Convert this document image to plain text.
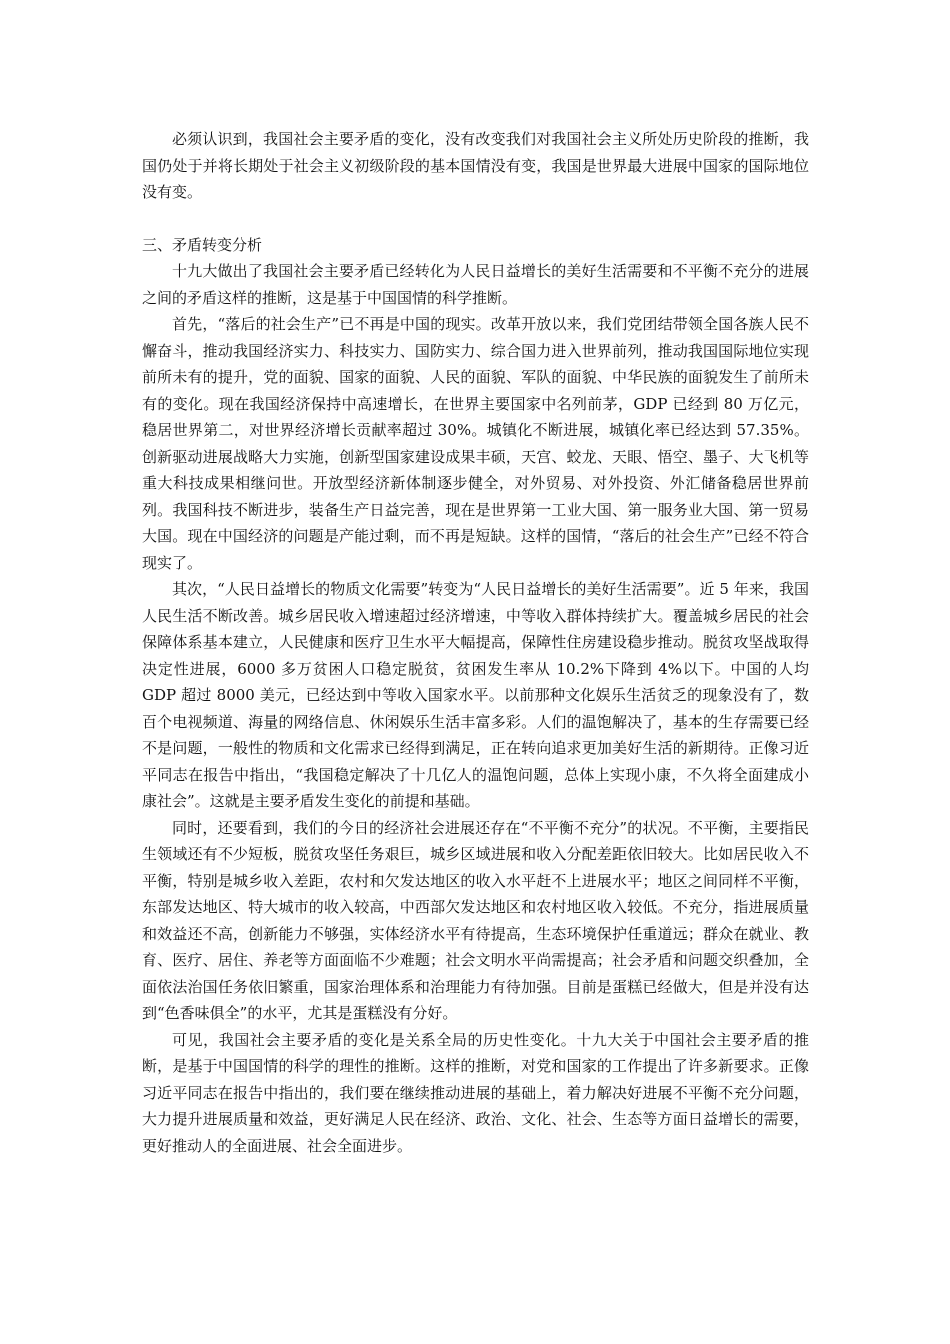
必须认识到，我国社会主要矛盾的变化，没有改变我们对我国社会主义所处历史阶段的推断，我国仍处于并将长期处于社会主义初级阶段的基本国情没有变，我国是世界最大进展中国家的国际地位没有变。

三、矛盾转变分析

十九大做出了我国社会主要矛盾已经转化为人民日益增长的美好生活需要和不平衡不充分的进展之间的矛盾这样的推断，这是基于中国国情的科学推断。

首先，“落后的社会生产”已不再是中国的现实。改革开放以来，我们党团结带领全国各族人民不懈奋斗，推动我国经济实力、科技实力、国防实力、综合国力进入世界前列，推动我国国际地位实现前所未有的提升，党的面貌、国家的面貌、人民的面貌、军队的面貌、中华民族的面貌发生了前所未有的变化。现在我国经济保持中高速增长，在世界主要国家中名列前茅，GDP 已经到 80 万亿元，稳居世界第二，对世界经济增长贡献率超过 30%。城镇化不断进展，城镇化率已经达到 57.35%。创新驱动进展战略大力实施，创新型国家建设成果丰硕，天宫、蛟龙、天眼、悟空、墨子、大飞机等重大科技成果相继问世。开放型经济新体制逐步健全，对外贸易、对外投资、外汇储备稳居世界前列。我国科技不断进步，装备生产日益完善，现在是世界第一工业大国、第一服务业大国、第一贸易大国。现在中国经济的问题是产能过剩，而不再是短缺。这样的国情，“落后的社会生产”已经不符合现实了。

其次，“人民日益增长的物质文化需要”转变为“人民日益增长的美好生活需要”。近 5 年来，我国人民生活不断改善。城乡居民收入增速超过经济增速，中等收入群体持续扩大。覆盖城乡居民的社会保障体系基本建立，人民健康和医疗卫生水平大幅提高，保障性住房建设稳步推动。脱贫攻坚战取得决定性进展，6000 多万贫困人口稳定脱贫，贫困发生率从 10.2%下降到 4%以下。中国的人均 GDP 超过 8000 美元，已经达到中等收入国家水平。以前那种文化娱乐生活贫乏的现象没有了，数百个电视频道、海量的网络信息、休闲娱乐生活丰富多彩。人们的温饱解决了，基本的生存需要已经不是问题，一般性的物质和文化需求已经得到满足，正在转向追求更加美好生活的新期待。正像习近平同志在报告中指出，“我国稳定解决了十几亿人的温饱问题，总体上实现小康，不久将全面建成小康社会”。这就是主要矛盾发生变化的前提和基础。

同时，还要看到，我们的今日的经济社会进展还存在“不平衡不充分”的状况。不平衡，主要指民生领域还有不少短板，脱贫攻坚任务艰巨，城乡区域进展和收入分配差距依旧较大。比如居民收入不平衡，特别是城乡收入差距，农村和欠发达地区的收入水平赶不上进展水平；地区之间同样不平衡，东部发达地区、特大城市的收入较高，中西部欠发达地区和农村地区收入较低。不充分，指进展质量和效益还不高，创新能力不够强，实体经济水平有待提高，生态环境保护任重道远；群众在就业、教育、医疗、居住、养老等方面面临不少难题；社会文明水平尚需提高；社会矛盾和问题交织叠加，全面依法治国任务依旧繁重，国家治理体系和治理能力有待加强。目前是蛋糕已经做大，但是并没有达到“色香味俱全”的水平，尤其是蛋糕没有分好。

可见，我国社会主要矛盾的变化是关系全局的历史性变化。十九大关于中国社会主要矛盾的推断，是基于中国国情的科学的理性的推断。这样的推断，对党和国家的工作提出了许多新要求。正像习近平同志在报告中指出的，我们要在继续推动进展的基础上，着力解决好进展不平衡不充分问题，大力提升进展质量和效益，更好满足人民在经济、政治、文化、社会、生态等方面日益增长的需要，更好推动人的全面进展、社会全面进步。
